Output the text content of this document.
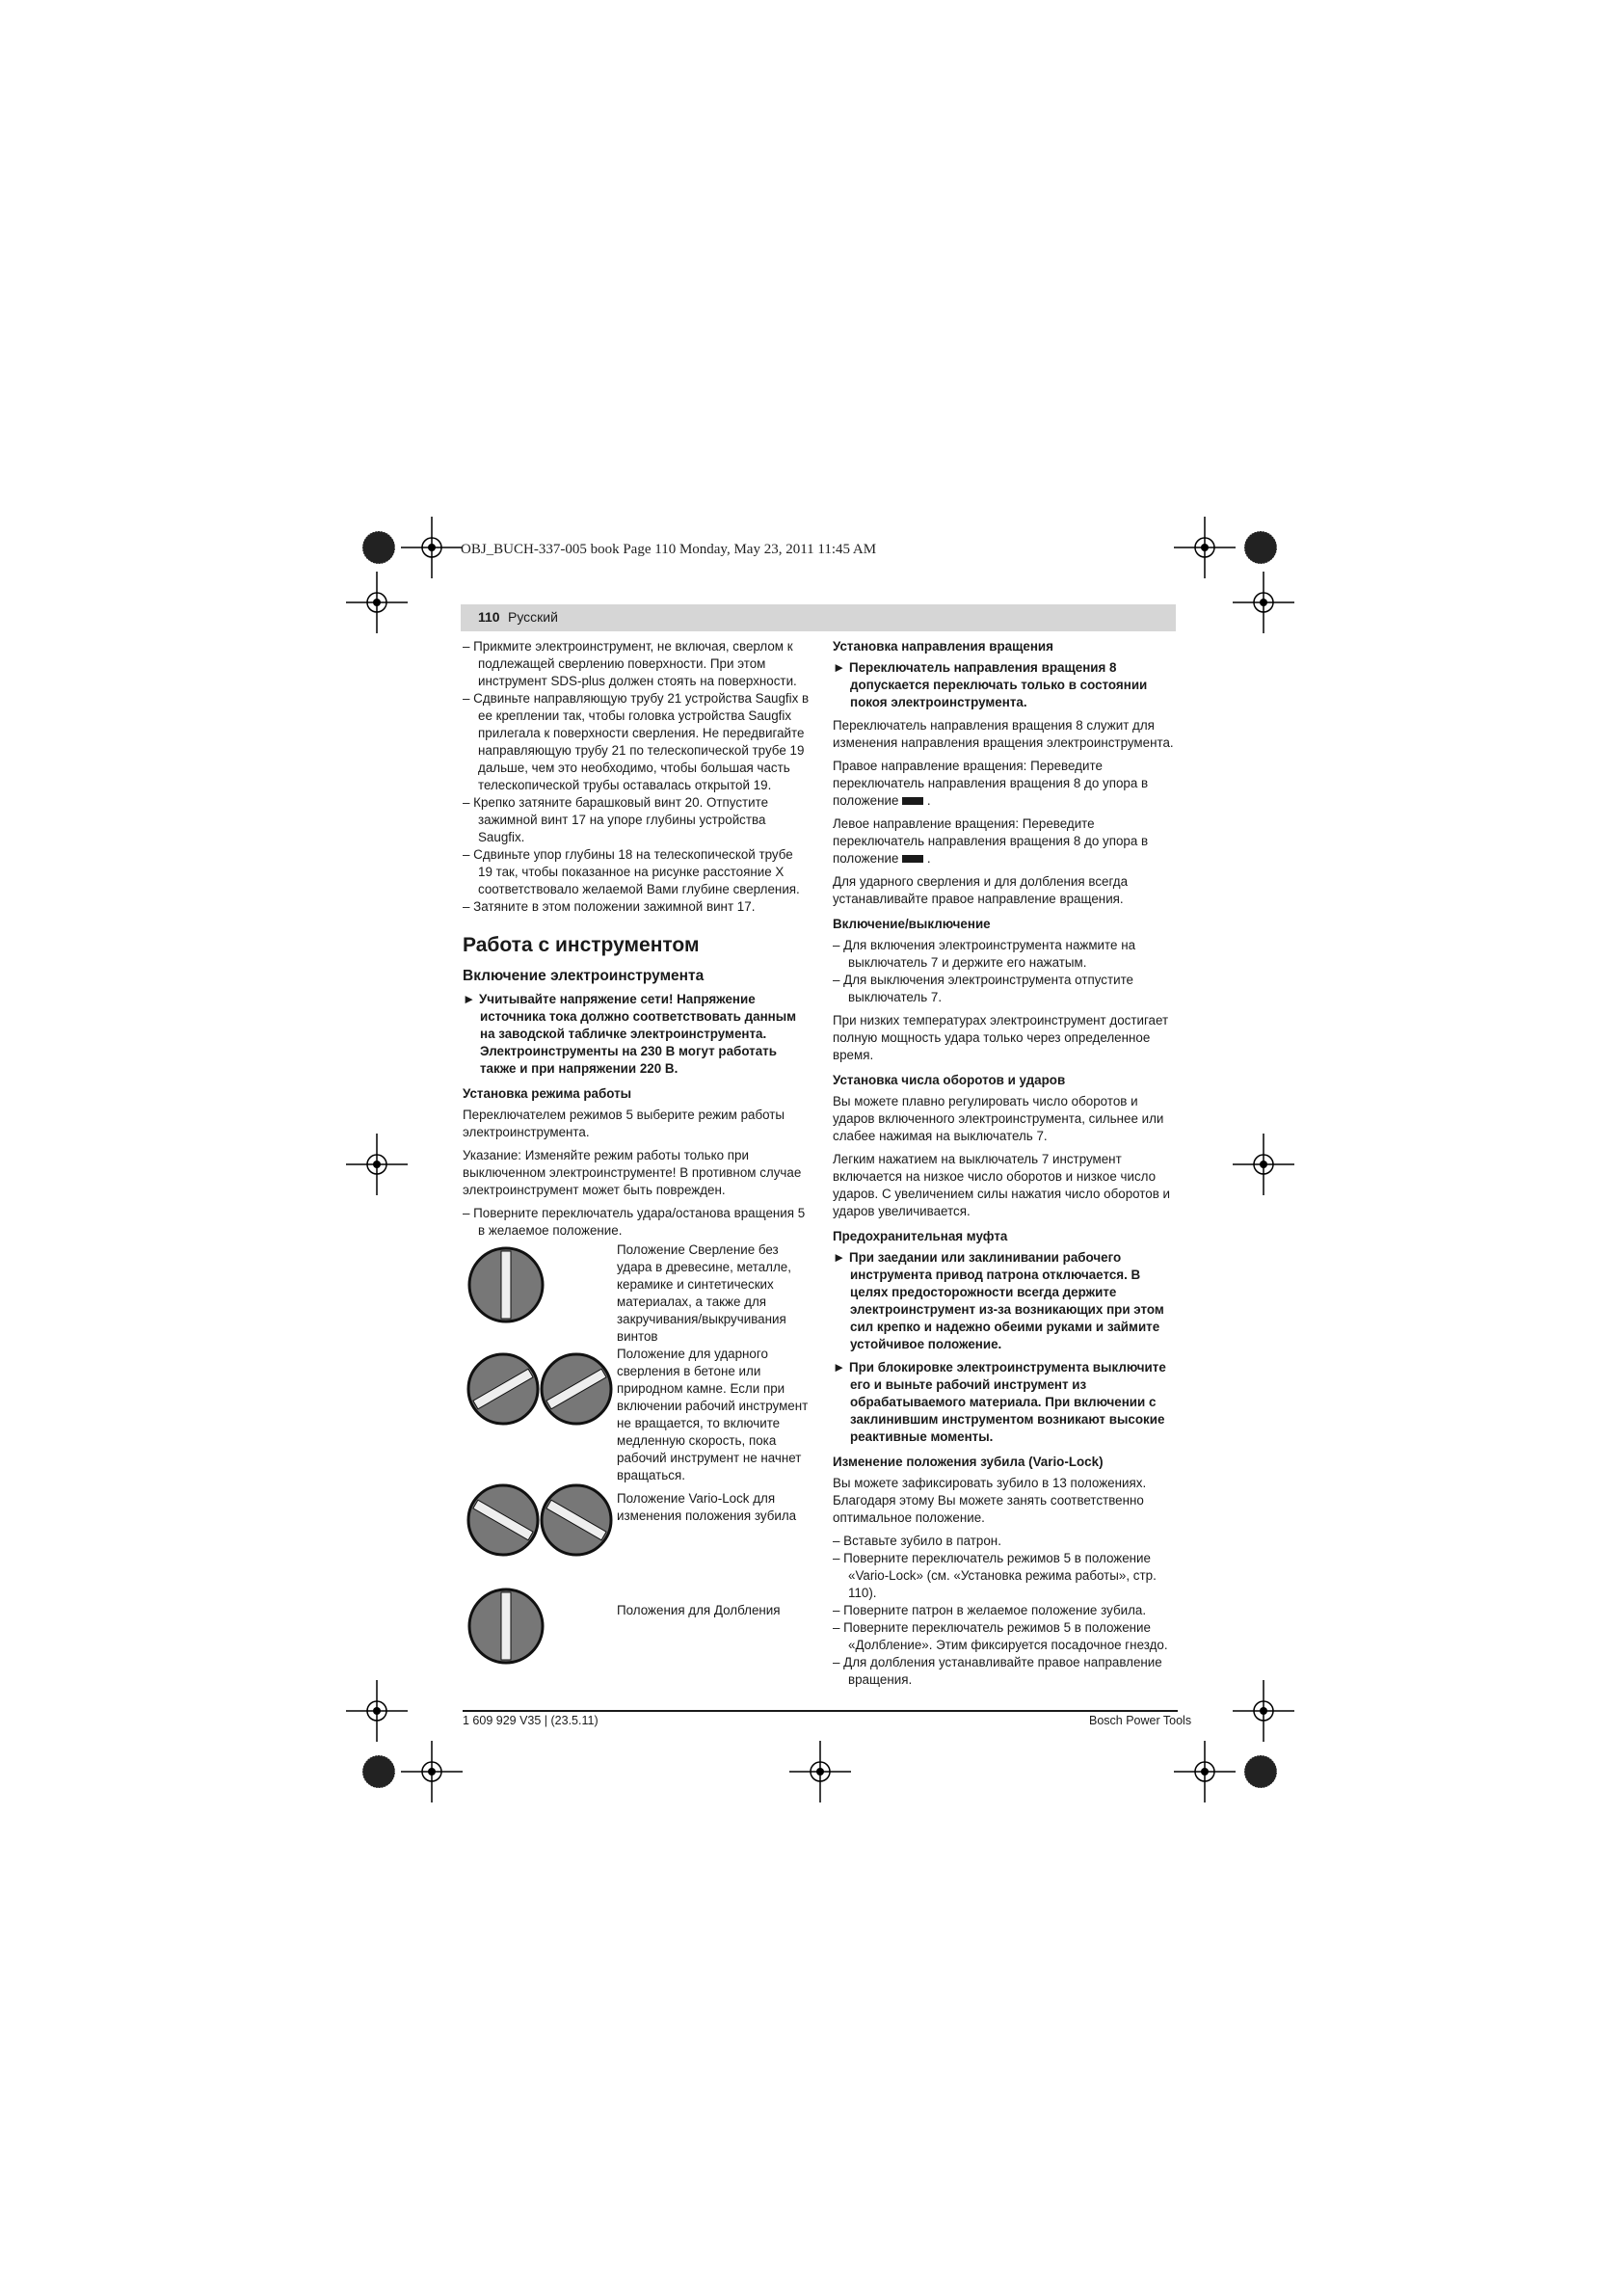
OBJ_BUCH-337-005 book Page 110 Monday, May 23, 2011 11:45 AM
110 Русский

– Прикмите электроинструмент, не включая, сверлом к подлежащей сверлению поверхности. При этом инструмент SDS-plus должен стоять на поверхности.

– Сдвиньте направляющую трубу 21 устройства Saugfix в ее креплении так, чтобы головка устройства Saugfix прилегала к поверхности сверления. Не передвигайте направляющую трубу 21 по телескопической трубе 19 дальше, чем это необходимо, чтобы большая часть телескопической трубы оставалась открытой 19.

– Крепко затяните барашковый винт 20. Отпустите зажимной винт 17 на упоре глубины устройства Saugfix.

– Сдвиньте упор глубины 18 на телескопической трубе 19 так, чтобы показанное на рисунке расстояние X соответствовало желаемой Вами глубине сверления.

– Затяните в этом положении зажимной винт 17.

Работа с инструментом
Включение электроинструмента

► Учитывайте напряжение сети! Напряжение источника тока должно соответствовать данным на заводской табличке электроинструмента. Электроинструменты на 230 В могут работать также и при напряжении 220 В.

Установка режима работы

Переключателем режимов 5 выберите режим работы электроинструмента.

Указание: Изменяйте режим работы только при выключенном электроинструменте! В противном случае электроинструмент может быть поврежден.

– Поверните переключатель удара/останова вращения 5 в желаемое положение.

Положение Сверление без удара в древесине, металле, керамике и синтетических материалах, а также для закручивания/выкручивания винтов
Положение для ударного сверления в бетоне или природном камне. Если при включении рабочий инструмент не вращается, то включите медленную скорость, пока рабочий инструмент не начнет вращаться.
Положение Vario-Lock для изменения положения зубила
Положения для Долбления
Установка направления вращения

► Переключатель направления вращения 8 допускается переключать только в состоянии покоя электроинструмента.

Переключатель направления вращения 8 служит для изменения направления вращения электроинструмента.

Правое направление вращения: Переведите переключатель направления вращения 8 до упора в положение  .

Левое направление вращения: Переведите переключатель направления вращения 8 до упора в положение  .

Для ударного сверления и для долбления всегда устанавливайте правое направление вращения.

Включение/выключение

– Для включения электроинструмента нажмите на выключатель 7 и держите его нажатым.

– Для выключения электроинструмента отпустите выключатель 7.

При низких температурах электроинструмент достигает полную мощность удара только через определенное время.

Установка числа оборотов и ударов

Вы можете плавно регулировать число оборотов и ударов включенного электроинструмента, сильнее или слабее нажимая на выключатель 7.

Легким нажатием на выключатель 7 инструмент включается на низкое число оборотов и низкое число ударов. С увеличением силы нажатия число оборотов и ударов увеличивается.

Предохранительная муфта

► При заедании или заклинивании рабочего инструмента привод патрона отключается. В целях предосторожности всегда держите электроинструмент из-за возникающих при этом сил крепко и надежно обеими руками и займите устойчивое положение.

► При блокировке электроинструмента выключите его и выньте рабочий инструмент из обрабатываемого материала. При включении с заклинившим инструментом возникают высокие реактивные моменты.

Изменение положения зубила (Vario-Lock)

Вы можете зафиксировать зубило в 13 положениях. Благодаря этому Вы можете занять соответственно оптимальное положение.

– Вставьте зубило в патрон.

– Поверните переключатель режимов 5 в положение «Vario-Lock» (см. «Установка режима работы», стр. 110).

– Поверните патрон в желаемое положение зубила.

– Поверните переключатель режимов 5 в положение «Долбление». Этим фиксируется посадочное гнездо.

– Для долбления устанавливайте правое направление вращения.

1 609 929 V35 | (23.5.11)	Bosch Power Tools
